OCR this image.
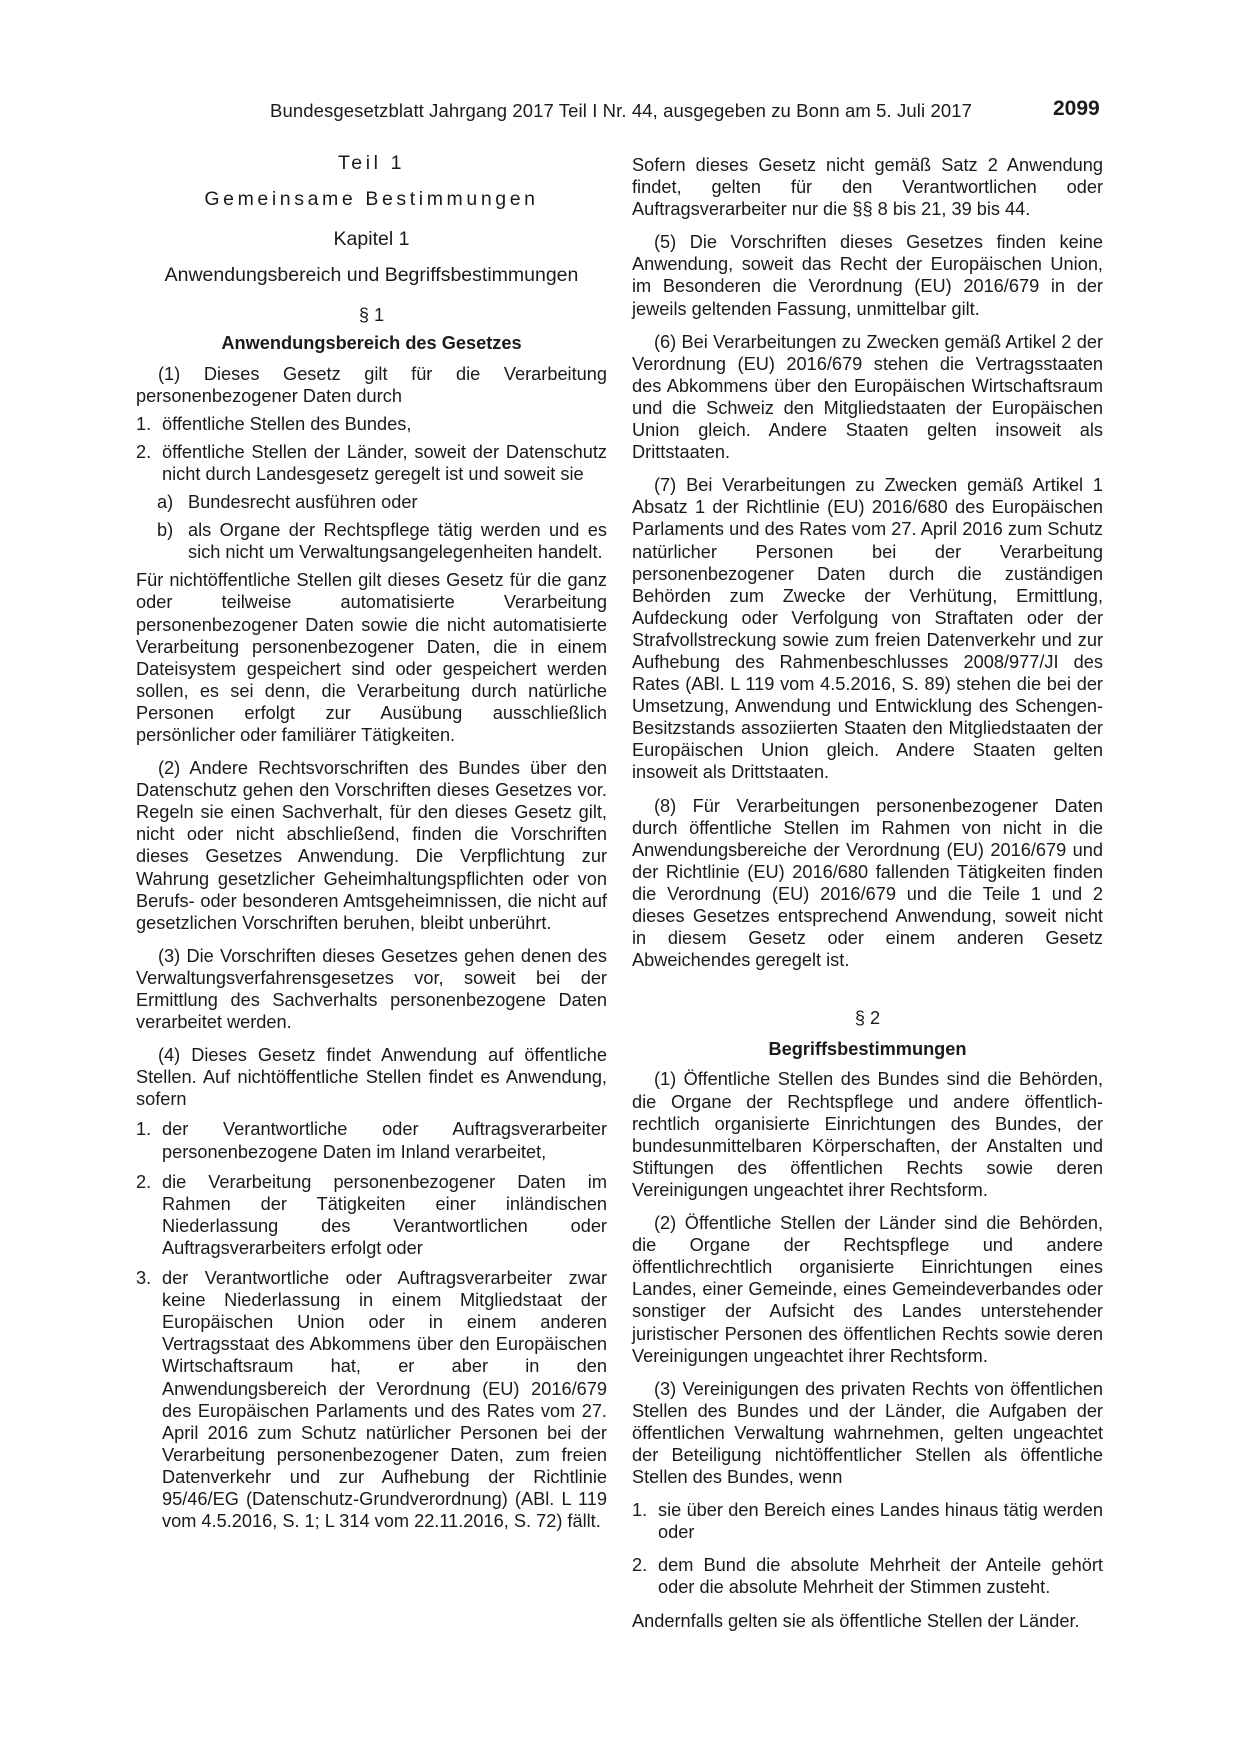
Bundesgesetzblatt Jahrgang 2017 Teil I Nr. 44, ausgegeben zu Bonn am 5. Juli 2017	2099

Teil 1

Gemeinsame Bestimmungen

Kapitel 1

Anwendungsbereich und Begriffsbestimmungen

§ 1

Anwendungsbereich des Gesetzes

(1) Dieses Gesetz gilt für die Verarbeitung personenbezogener Daten durch

1. öffentliche Stellen des Bundes,
2. öffentliche Stellen der Länder, soweit der Datenschutz nicht durch Landesgesetz geregelt ist und soweit sie
a) Bundesrecht ausführen oder
b) als Organe der Rechtspflege tätig werden und es sich nicht um Verwaltungsangelegenheiten handelt.

Für nichtöffentliche Stellen gilt dieses Gesetz für die ganz oder teilweise automatisierte Verarbeitung personenbezogener Daten sowie die nicht automatisierte Verarbeitung personenbezogener Daten, die in einem Dateisystem gespeichert sind oder gespeichert werden sollen, es sei denn, die Verarbeitung durch natürliche Personen erfolgt zur Ausübung ausschließlich persönlicher oder familiärer Tätigkeiten.

(2) Andere Rechtsvorschriften des Bundes über den Datenschutz gehen den Vorschriften dieses Gesetzes vor. Regeln sie einen Sachverhalt, für den dieses Gesetz gilt, nicht oder nicht abschließend, finden die Vorschriften dieses Gesetzes Anwendung. Die Verpflichtung zur Wahrung gesetzlicher Geheimhaltungspflichten oder von Berufs- oder besonderen Amtsgeheimnissen, die nicht auf gesetzlichen Vorschriften beruhen, bleibt unberührt.

(3) Die Vorschriften dieses Gesetzes gehen denen des Verwaltungsverfahrensgesetzes vor, soweit bei der Ermittlung des Sachverhalts personenbezogene Daten verarbeitet werden.

(4) Dieses Gesetz findet Anwendung auf öffentliche Stellen. Auf nichtöffentliche Stellen findet es Anwendung, sofern

1. der Verantwortliche oder Auftragsverarbeiter personenbezogene Daten im Inland verarbeitet,
2. die Verarbeitung personenbezogener Daten im Rahmen der Tätigkeiten einer inländischen Niederlassung des Verantwortlichen oder Auftragsverarbeiters erfolgt oder
3. der Verantwortliche oder Auftragsverarbeiter zwar keine Niederlassung in einem Mitgliedstaat der Europäischen Union oder in einem anderen Vertragsstaat des Abkommens über den Europäischen Wirtschaftsraum hat, er aber in den Anwendungsbereich der Verordnung (EU) 2016/679 des Europäischen Parlaments und des Rates vom 27. April 2016 zum Schutz natürlicher Personen bei der Verarbeitung personenbezogener Daten, zum freien Datenverkehr und zur Aufhebung der Richtlinie 95/46/EG (Datenschutz-Grundverordnung) (ABl. L 119 vom 4.5.2016, S. 1; L 314 vom 22.11.2016, S. 72) fällt.

Sofern dieses Gesetz nicht gemäß Satz 2 Anwendung findet, gelten für den Verantwortlichen oder Auftragsverarbeiter nur die §§ 8 bis 21, 39 bis 44.

(5) Die Vorschriften dieses Gesetzes finden keine Anwendung, soweit das Recht der Europäischen Union, im Besonderen die Verordnung (EU) 2016/679 in der jeweils geltenden Fassung, unmittelbar gilt.

(6) Bei Verarbeitungen zu Zwecken gemäß Artikel 2 der Verordnung (EU) 2016/679 stehen die Vertragsstaaten des Abkommens über den Europäischen Wirtschaftsraum und die Schweiz den Mitgliedstaaten der Europäischen Union gleich. Andere Staaten gelten insoweit als Drittstaaten.

(7) Bei Verarbeitungen zu Zwecken gemäß Artikel 1 Absatz 1 der Richtlinie (EU) 2016/680 des Europäischen Parlaments und des Rates vom 27. April 2016 zum Schutz natürlicher Personen bei der Verarbeitung personenbezogener Daten durch die zuständigen Behörden zum Zwecke der Verhütung, Ermittlung, Aufdeckung oder Verfolgung von Straftaten oder der Strafvollstreckung sowie zum freien Datenverkehr und zur Aufhebung des Rahmenbeschlusses 2008/977/JI des Rates (ABl. L 119 vom 4.5.2016, S. 89) stehen die bei der Umsetzung, Anwendung und Entwicklung des Schengen-Besitzstands assoziierten Staaten den Mitgliedstaaten der Europäischen Union gleich. Andere Staaten gelten insoweit als Drittstaaten.

(8) Für Verarbeitungen personenbezogener Daten durch öffentliche Stellen im Rahmen von nicht in die Anwendungsbereiche der Verordnung (EU) 2016/679 und der Richtlinie (EU) 2016/680 fallenden Tätigkeiten finden die Verordnung (EU) 2016/679 und die Teile 1 und 2 dieses Gesetzes entsprechend Anwendung, soweit nicht in diesem Gesetz oder einem anderen Gesetz Abweichendes geregelt ist.

§ 2

Begriffsbestimmungen

(1) Öffentliche Stellen des Bundes sind die Behörden, die Organe der Rechtspflege und andere öffentlich-rechtlich organisierte Einrichtungen des Bundes, der bundesunmittelbaren Körperschaften, der Anstalten und Stiftungen des öffentlichen Rechts sowie deren Vereinigungen ungeachtet ihrer Rechtsform.

(2) Öffentliche Stellen der Länder sind die Behörden, die Organe der Rechtspflege und andere öffentlichrechtlich organisierte Einrichtungen eines Landes, einer Gemeinde, eines Gemeindeverbandes oder sonstiger der Aufsicht des Landes unterstehender juristischer Personen des öffentlichen Rechts sowie deren Vereinigungen ungeachtet ihrer Rechtsform.

(3) Vereinigungen des privaten Rechts von öffentlichen Stellen des Bundes und der Länder, die Aufgaben der öffentlichen Verwaltung wahrnehmen, gelten ungeachtet der Beteiligung nichtöffentlicher Stellen als öffentliche Stellen des Bundes, wenn

1. sie über den Bereich eines Landes hinaus tätig werden oder
2. dem Bund die absolute Mehrheit der Anteile gehört oder die absolute Mehrheit der Stimmen zusteht.

Andernfalls gelten sie als öffentliche Stellen der Länder.
